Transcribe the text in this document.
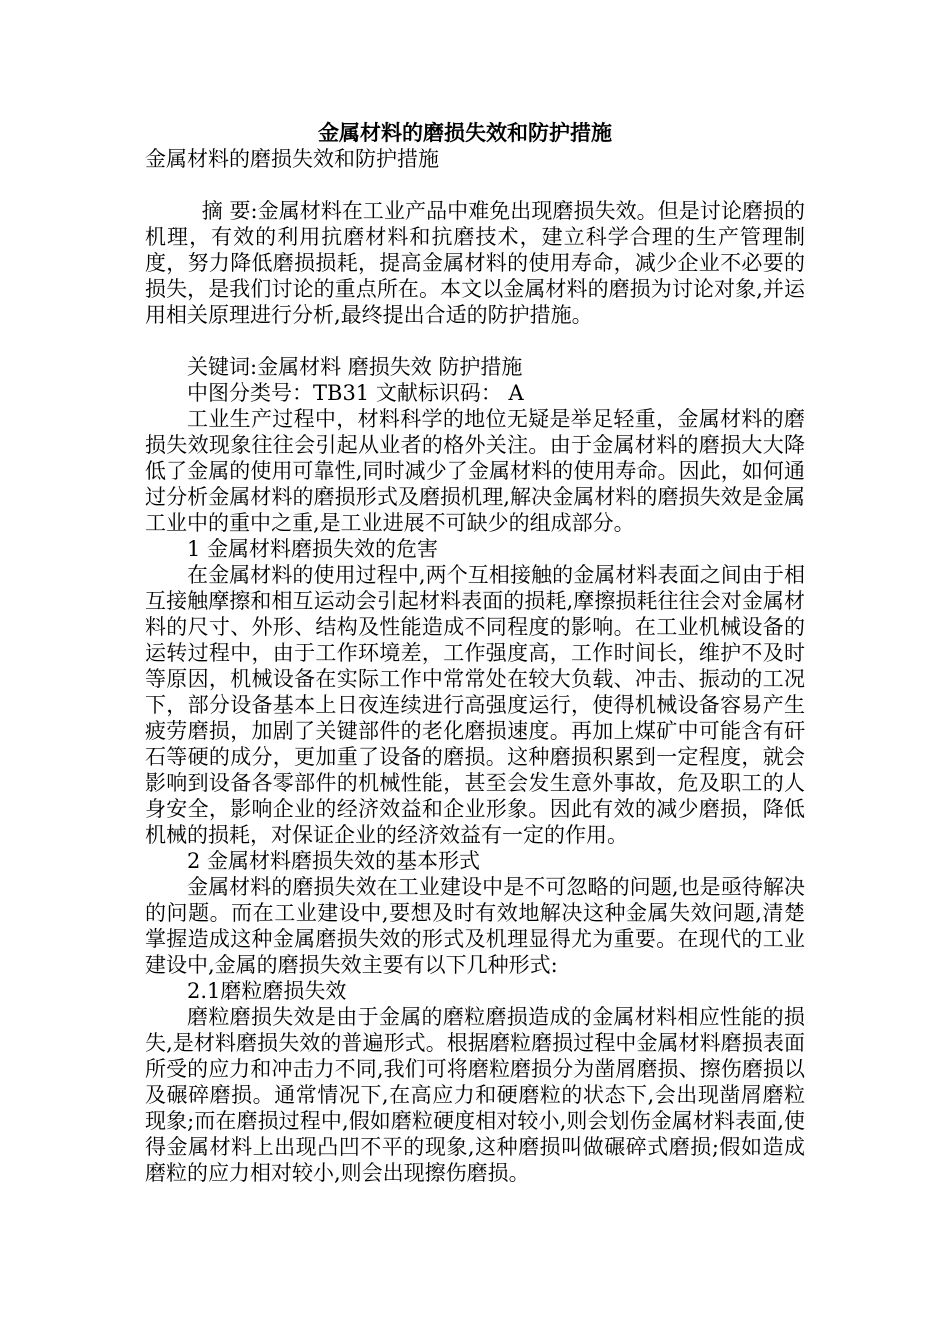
金属材料的磨损失效和防护措施

金属材料的磨损失效和防护措施

摘 要:金属材料在工业产品中难免出现磨损失效。但是讨论磨损的机理，有效的利用抗磨材料和抗磨技术，建立科学合理的生产管理制度，努力降低磨损损耗，提高金属材料的使用寿命，减少企业不必要的损失，是我们讨论的重点所在。本文以金属材料的磨损为讨论对象,并运用相关原理进行分析,最终提出合适的防护措施。

关键词:金属材料 磨损失效 防护措施

中图分类号：TB31 文献标识码： A

工业生产过程中，材料科学的地位无疑是举足轻重，金属材料的磨损失效现象往往会引起从业者的格外关注。由于金属材料的磨损大大降低了金属的使用可靠性,同时减少了金属材料的使用寿命。因此，如何通过分析金属材料的磨损形式及磨损机理,解决金属材料的磨损失效是金属工业中的重中之重,是工业进展不可缺少的组成部分。

1 金属材料磨损失效的危害

在金属材料的使用过程中,两个互相接触的金属材料表面之间由于相互接触摩擦和相互运动会引起材料表面的损耗,摩擦损耗往往会对金属材料的尺寸、外形、结构及性能造成不同程度的影响。在工业机械设备的运转过程中，由于工作环境差，工作强度高，工作时间长，维护不及时等原因，机械设备在实际工作中常常处在较大负载、冲击、振动的工况下，部分设备基本上日夜连续进行高强度运行，使得机械设备容易产生疲劳磨损，加剧了关键部件的老化磨损速度。再加上煤矿中可能含有矸石等硬的成分，更加重了设备的磨损。这种磨损积累到一定程度，就会影响到设备各零部件的机械性能，甚至会发生意外事故，危及职工的人身安全，影响企业的经济效益和企业形象。因此有效的减少磨损，降低机械的损耗，对保证企业的经济效益有一定的作用。

2 金属材料磨损失效的基本形式

金属材料的磨损失效在工业建设中是不可忽略的问题,也是亟待解决的问题。而在工业建设中,要想及时有效地解决这种金属失效问题,清楚掌握造成这种金属磨损失效的形式及机理显得尤为重要。在现代的工业建设中,金属的磨损失效主要有以下几种形式:

2.1磨粒磨损失效

磨粒磨损失效是由于金属的磨粒磨损造成的金属材料相应性能的损失,是材料磨损失效的普遍形式。根据磨粒磨损过程中金属材料磨损表面所受的应力和冲击力不同,我们可将磨粒磨损分为凿屑磨损、擦伤磨损以及碾碎磨损。通常情况下,在高应力和硬磨粒的状态下,会出现凿屑磨粒现象;而在磨损过程中,假如磨粒硬度相对较小,则会划伤金属材料表面,使得金属材料上出现凸凹不平的现象,这种磨损叫做碾碎式磨损;假如造成磨粒的应力相对较小,则会出现擦伤磨损。
